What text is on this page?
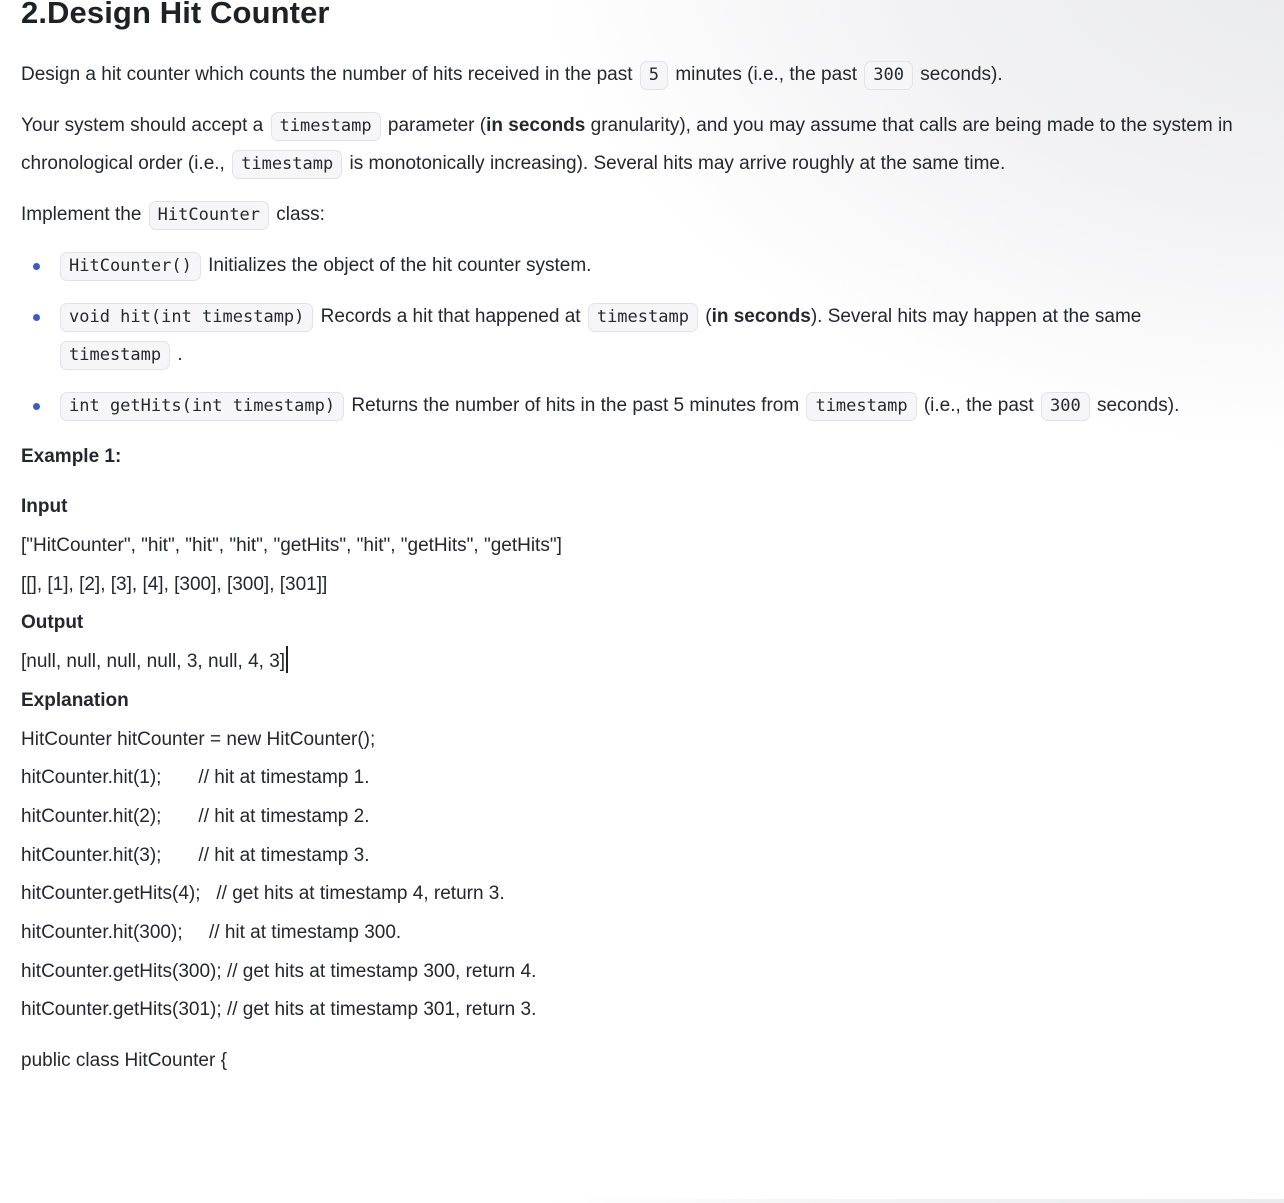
2.Design Hit Counter

Design a hit counter which counts the number of hits received in the past 5 minutes (i.e., the past 300 seconds).

Your system should accept a timestamp parameter (in seconds granularity), and you may assume that calls are being made to the system in chronological order (i.e., timestamp is monotonically increasing). Several hits may arrive roughly at the same time.

Implement the HitCounter class:

HitCounter() Initializes the object of the hit counter system.
void hit(int timestamp) Records a hit that happened at timestamp (in seconds). Several hits may happen at the same timestamp .
int getHits(int timestamp) Returns the number of hits in the past 5 minutes from timestamp (i.e., the past 300 seconds).

Example 1:

Input
["HitCounter", "hit", "hit", "hit", "getHits", "hit", "getHits", "getHits"]
[[], [1], [2], [3], [4], [300], [300], [301]]
Output
[null, null, null, null, 3, null, 4, 3]
Explanation
HitCounter hitCounter = new HitCounter();
hitCounter.hit(1);       // hit at timestamp 1.
hitCounter.hit(2);       // hit at timestamp 2.
hitCounter.hit(3);       // hit at timestamp 3.
hitCounter.getHits(4);   // get hits at timestamp 4, return 3.
hitCounter.hit(300);     // hit at timestamp 300.
hitCounter.getHits(300); // get hits at timestamp 300, return 4.
hitCounter.getHits(301); // get hits at timestamp 301, return 3.

public class HitCounter {
